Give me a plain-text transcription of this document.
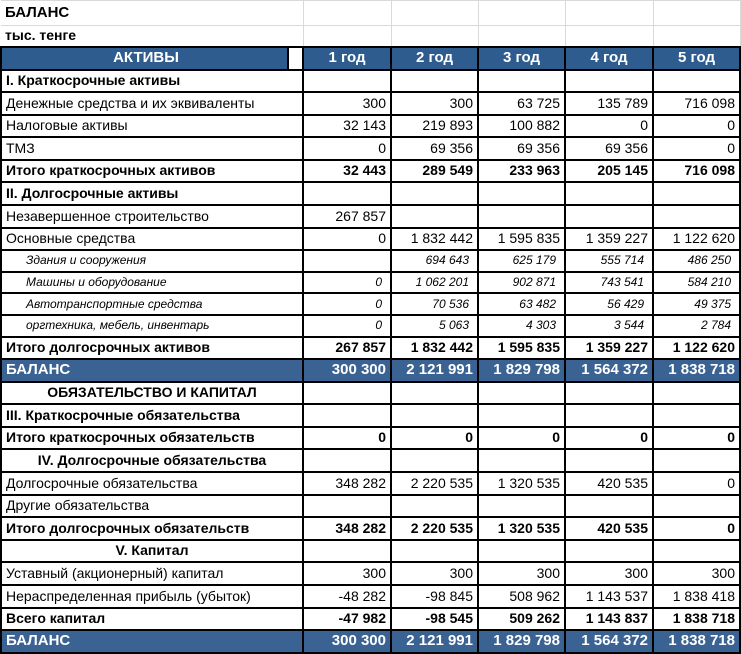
БАЛАНС					
тыс. тенге					
АКТИВЫ	1 год	2 год	3 год	4 год	5 год
I. Краткосрочные активы					
Денежные средства и их эквиваленты	300	300	63 725	135 789	716 098
Налоговые активы	32 143	219 893	100 882	0	0
ТМЗ	0	69 356	69 356	69 356	0
Итого краткосрочных активов	32 443	289 549	233 963	205 145	716 098
II. Долгосрочные активы					
Незавершенное строительство	267 857				
Основные средства	0	1 832 442	1 595 835	1 359 227	1 122 620
Здания и сооружения		694 643	625 179	555 714	486 250
Машины и оборудование	0	1 062 201	902 871	743 541	584 210
Автотранспортные средства	0	70 536	63 482	56 429	49 375
оргтехника, мебель, инвентарь	0	5 063	4 303	3 544	2 784
Итого долгосрочных активов	267 857	1 832 442	1 595 835	1 359 227	1 122 620
БАЛАНС	300 300	2 121 991	1 829 798	1 564 372	1 838 718
ОБЯЗАТЕЛЬСТВО И КАПИТАЛ					
III. Краткосрочные обязательства					
Итого краткосрочных обязательств	0	0	0	0	0
IV. Долгосрочные обязательства					
Долгосрочные обязательства	348 282	2 220 535	1 320 535	420 535	0
Другие обязательства					
Итого долгосрочных обязательств	348 282	2 220 535	1 320 535	420 535	0
V. Капитал					
Уставный (акционерный) капитал	300	300	300	300	300
Нераспределенная прибыль (убыток)	-48 282	-98 845	508 962	1 143 537	1 838 418
Всего капитал	-47 982	-98 545	509 262	1 143 837	1 838 718
БАЛАНС	300 300	2 121 991	1 829 798	1 564 372	1 838 718
